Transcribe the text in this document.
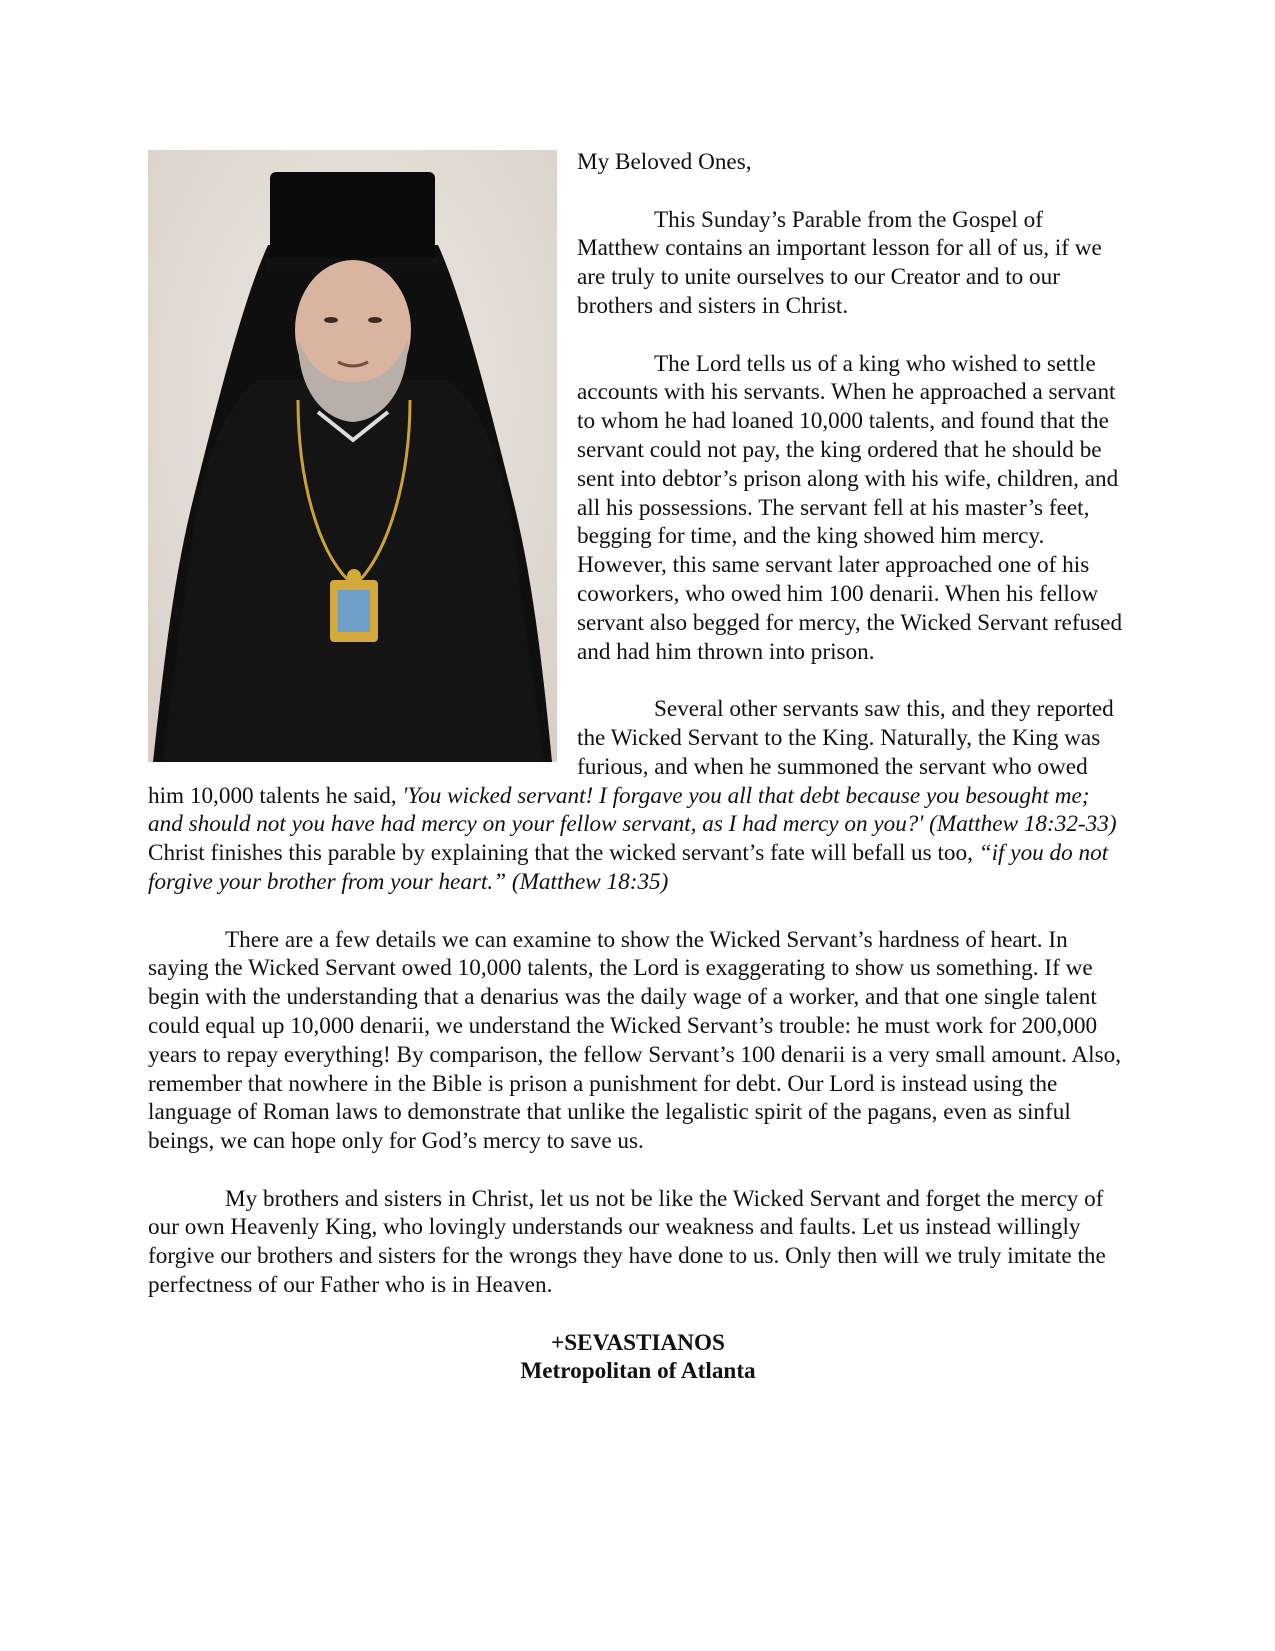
My Beloved Ones,

This Sunday’s Parable from the Gospel of Matthew contains an important lesson for all of us, if we are truly to unite ourselves to our Creator and to our brothers and sisters in Christ.

The Lord tells us of a king who wished to settle accounts with his servants. When he approached a servant to whom he had loaned 10,000 talents, and found that the servant could not pay, the king ordered that he should be sent into debtor’s prison along with his wife, children, and all his possessions. The servant fell at his master’s feet, begging for time, and the king showed him mercy. However, this same servant later approached one of his coworkers, who owed him 100 denarii. When his fellow servant also begged for mercy, the Wicked Servant refused and had him thrown into prison.

Several other servants saw this, and they reported the Wicked Servant to the King. Naturally, the King was furious, and when he summoned the servant who owed him 10,000 talents he said, 'You wicked servant! I forgave you all that debt because you besought me; and should not you have had mercy on your fellow servant, as I had mercy on you?' (Matthew 18:32-33) Christ finishes this parable by explaining that the wicked servant’s fate will befall us too, “if you do not forgive your brother from your heart.” (Matthew 18:35)

There are a few details we can examine to show the Wicked Servant’s hardness of heart. In saying the Wicked Servant owed 10,000 talents, the Lord is exaggerating to show us something. If we begin with the understanding that a denarius was the daily wage of a worker, and that one single talent could equal up 10,000 denarii, we understand the Wicked Servant’s trouble: he must work for 200,000 years to repay everything! By comparison, the fellow Servant’s 100 denarii is a very small amount. Also, remember that nowhere in the Bible is prison a punishment for debt. Our Lord is instead using the language of Roman laws to demonstrate that unlike the legalistic spirit of the pagans, even as sinful beings, we can hope only for God’s mercy to save us.

My brothers and sisters in Christ, let us not be like the Wicked Servant and forget the mercy of our own Heavenly King, who lovingly understands our weakness and faults. Let us instead willingly forgive our brothers and sisters for the wrongs they have done to us. Only then will we truly imitate the perfectness of our Father who is in Heaven.

+SEVASTIANOS
Metropolitan of Atlanta
